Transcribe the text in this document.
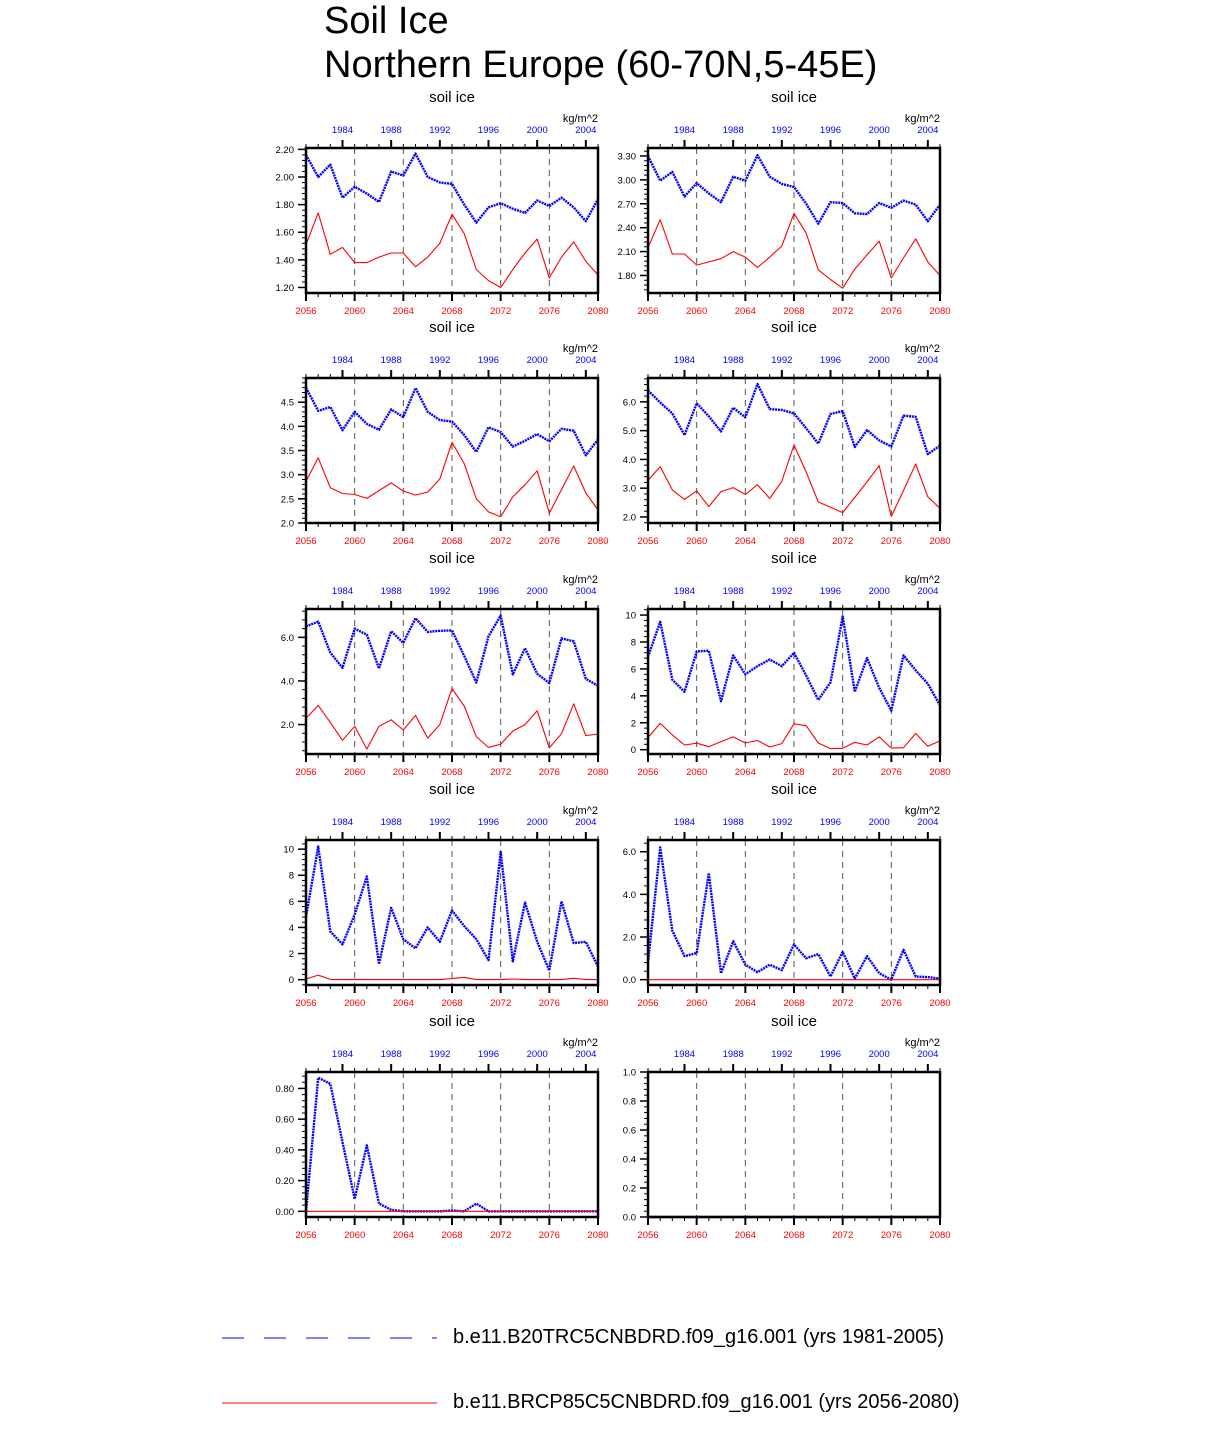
Soil Ice
Northern Europe (60-70N,5-45E)
soil ice
kg/m^2
2056	2060	2064	2068	2072	2076	2080
1984	1988	1992	1996	2000	2004
1.20
1.40
1.60
1.80
2.00
2.20
soil ice
kg/m^2
2056	2060	2064	2068	2072	2076	2080
1984	1988	1992	1996	2000	2004
1.80
2.10
2.40
2.70
3.00
3.30
soil ice
kg/m^2
2056	2060	2064	2068	2072	2076	2080
1984	1988	1992	1996	2000	2004
2.0
2.5
3.0
3.5
4.0
4.5
soil ice
kg/m^2
2056	2060	2064	2068	2072	2076	2080
1984	1988	1992	1996	2000	2004
2.0
3.0
4.0
5.0
6.0
soil ice
kg/m^2
2056	2060	2064	2068	2072	2076	2080
1984	1988	1992	1996	2000	2004
2.0
4.0
6.0
soil ice
kg/m^2
2056	2060	2064	2068	2072	2076	2080
1984	1988	1992	1996	2000	2004
0
2
4
6
8
10
soil ice
kg/m^2
2056	2060	2064	2068	2072	2076	2080
1984	1988	1992	1996	2000	2004
0
2
4
6
8
10
soil ice
kg/m^2
2056	2060	2064	2068	2072	2076	2080
1984	1988	1992	1996	2000	2004
0.0
2.0
4.0
6.0
soil ice
kg/m^2
2056	2060	2064	2068	2072	2076	2080
1984	1988	1992	1996	2000	2004
0.00
0.20
0.40
0.60
0.80
soil ice
kg/m^2
2056	2060	2064	2068	2072	2076	2080
1984	1988	1992	1996	2000	2004
0.0
0.2
0.4
0.6
0.8
1.0
b.e11.B20TRC5CNBDRD.f09_g16.001 (yrs 1981-2005)
b.e11.BRCP85C5CNBDRD.f09_g16.001 (yrs 2056-2080)
